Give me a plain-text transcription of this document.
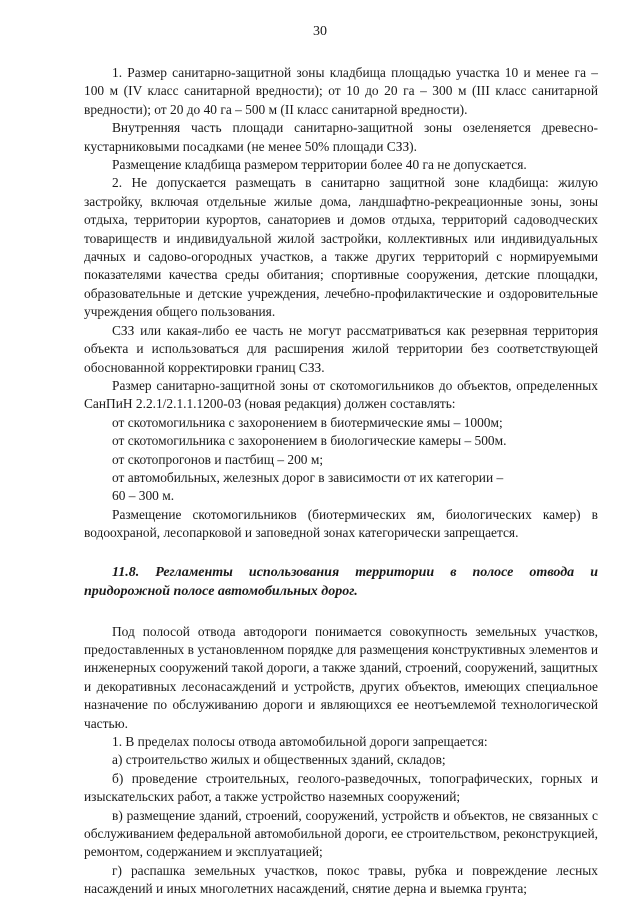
30

1. Размер санитарно-защитной зоны кладбища площадью участка 10 и менее га – 100 м (IV класс санитарной вредности); от 10 до 20 га – 300 м (III класс санитарной вредности); от 20 до 40 га – 500 м (II класс санитарной вредности).

Внутренняя часть площади санитарно-защитной зоны озеленяется древесно-кустарниковыми посадками (не менее 50% площади СЗЗ).

Размещение кладбища размером территории более 40 га не допускается.

2. Не допускается размещать в санитарно защитной зоне кладбища: жилую застройку, включая отдельные жилые дома, ландшафтно-рекреационные зоны, зоны отдыха, территории курортов, санаториев и домов отдыха, территорий садоводческих товариществ и индивидуальной жилой застройки, коллективных или индивидуальных дачных и садово-огородных участков, а также других территорий с нормируемыми показателями качества среды обитания; спортивные сооружения, детские площадки, образовательные и детские учреждения, лечебно-профилактические и оздоровительные учреждения общего пользования.

СЗЗ или какая-либо ее часть не могут рассматриваться как резервная территория объекта и использоваться для расширения жилой территории без соответствующей обоснованной корректировки границ СЗЗ.

Размер санитарно-защитной зоны от скотомогильников до объектов, определенных СанПиН 2.2.1/2.1.1.1200-03 (новая редакция) должен составлять:

от скотомогильника с захоронением в биотермические ямы – 1000м;

от скотомогильника с захоронением в биологические камеры – 500м.

от скотопрогонов и пастбищ – 200 м;

от автомобильных, железных дорог в зависимости от их категории –

60 – 300 м.

Размещение скотомогильников (биотермических ям, биологических камер) в водоохраной, лесопарковой и заповедной зонах категорически запрещается.

11.8. Регламенты использования территории в полосе отвода и придорожной полосе автомобильных дорог.

Под полосой отвода автодороги понимается совокупность земельных участков, предоставленных в установленном порядке для размещения конструктивных элементов и инженерных сооружений такой дороги, а также зданий, строений, сооружений, защитных и декоративных лесонасаждений и устройств, других объектов, имеющих специальное назначение по обслуживанию дороги и являющихся ее неотъемлемой технологической частью.

1. В пределах полосы отвода автомобильной дороги запрещается:

а) строительство жилых и общественных зданий, складов;

б) проведение строительных, геолого-разведочных, топографических, горных и изыскательских работ, а также устройство наземных сооружений;

в) размещение зданий, строений, сооружений, устройств и объектов, не связанных с обслуживанием федеральной автомобильной дороги, ее строительством, реконструкцией, ремонтом, содержанием и эксплуатацией;

г) распашка земельных участков, покос травы, рубка и повреждение лесных насаждений и иных многолетних насаждений, снятие дерна и выемка грунта;
